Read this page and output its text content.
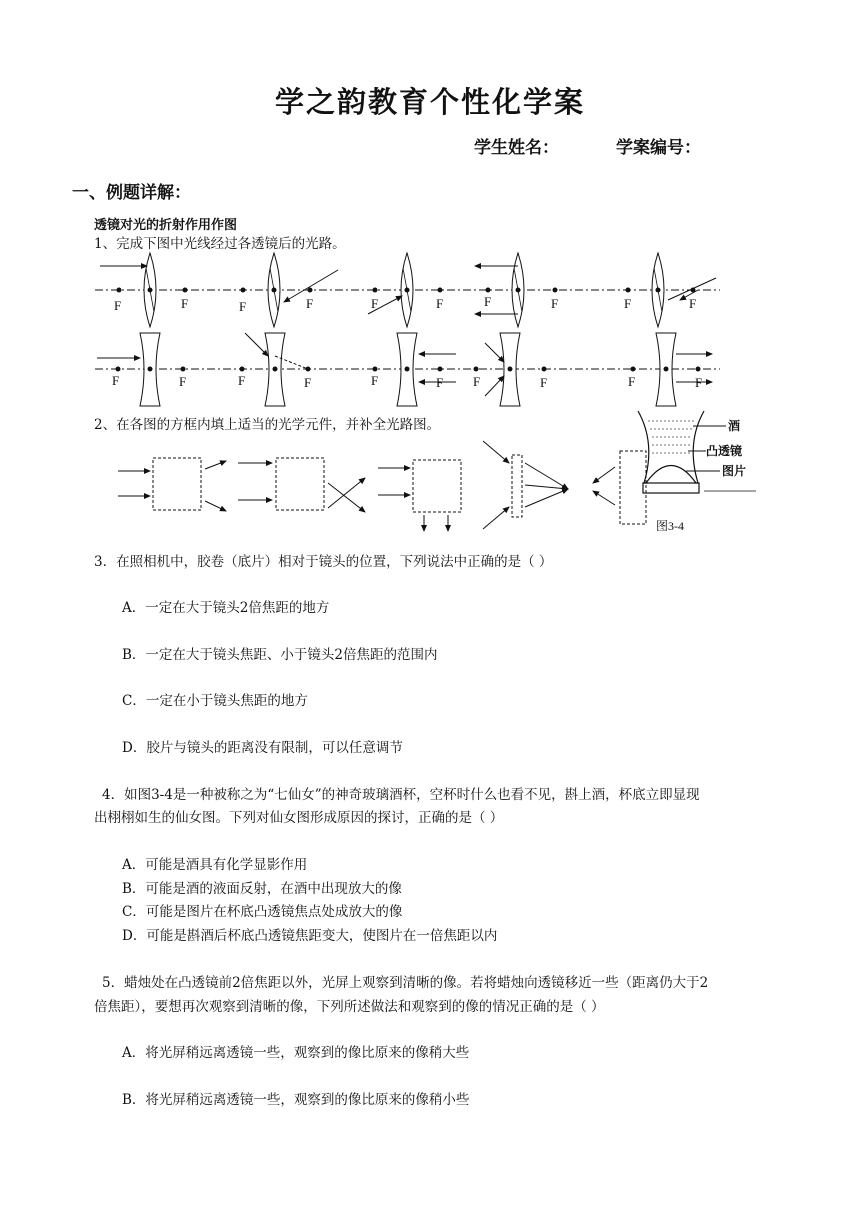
学之韵教育个性化学案
学生姓名：	学案编号：
一、例题详解：
透镜对光的折射作用作图
1、完成下图中光线经过各透镜后的光路。
F	F	F	F	F	F	F	F	F	F
F	F	F	F	F	F F	F	F	F
2、在各图的方框内填上适当的光学元件，并补全光路图。	酒
凸透镜
图片
图3-4
3．在照相机中，胶卷（底片）相对于镜头的位置，下列说法中正确的是（ ）
A．一定在大于镜头2倍焦距的地方
B．一定在大于镜头焦距、小于镜头2倍焦距的范围内
C．一定在小于镜头焦距的地方
D．胶片与镜头的距离没有限制，可以任意调节
4．如图3-4是一种被称之为“七仙女”的神奇玻璃酒杯，空杯时什么也看不见，斟上酒，杯底立即显现
出栩栩如生的仙女图。下列对仙女图形成原因的探讨，正确的是（ ）
A．可能是酒具有化学显影作用
B．可能是酒的液面反射，在酒中出现放大的像
C．可能是图片在杯底凸透镜焦点处成放大的像
D．可能是斟酒后杯底凸透镜焦距变大，使图片在一倍焦距以内
5．蜡烛处在凸透镜前2倍焦距以外，光屏上观察到清晰的像。若将蜡烛向透镜移近一些（距离仍大于2
倍焦距），要想再次观察到清晰的像，下列所述做法和观察到的像的情况正确的是（ ）
A．将光屏稍远离透镜一些，观察到的像比原来的像稍大些
B．将光屏稍远离透镜一些，观察到的像比原来的像稍小些
